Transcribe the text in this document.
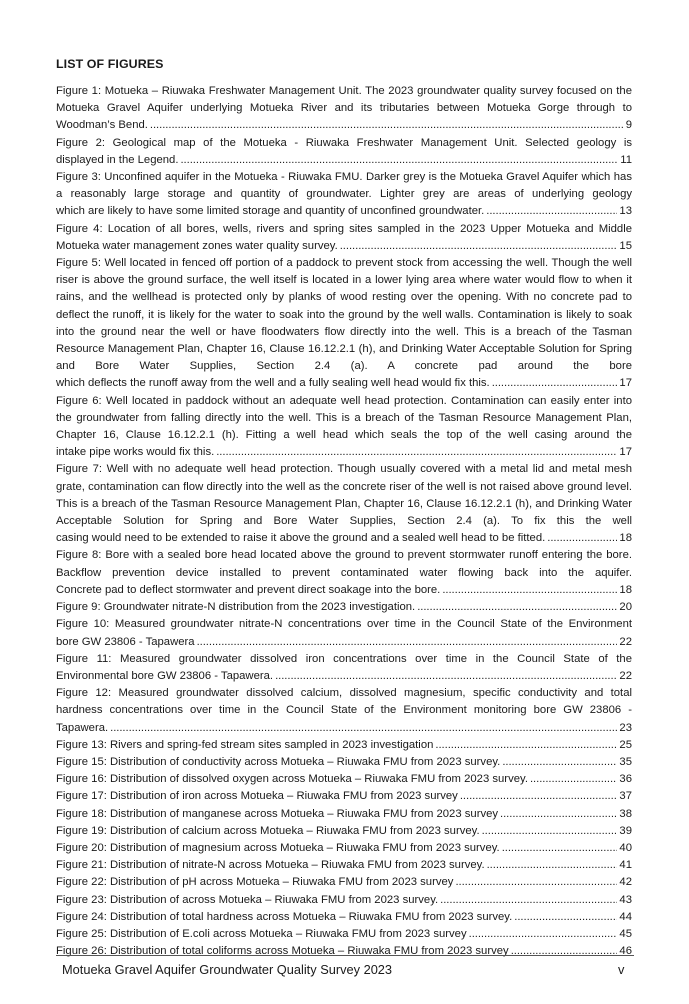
LIST OF FIGURES
Figure 1: Motueka – Riuwaka Freshwater Management Unit. The 2023 groundwater quality survey focused on the Motueka Gravel Aquifer underlying Motueka River and its tributaries between Motueka Gorge through to
Woodman’s Bend. . . .	9
Figure 2: Geological map of the Motueka - Riuwaka Freshwater Management Unit. Selected geology is
displayed in the Legend. . . .	11
Figure 3: Unconfined aquifer in the Motueka - Riuwaka FMU. Darker grey is the Motueka Gravel Aquifer which has a reasonably large storage and quantity of groundwater. Lighter grey are areas of underlying geology
which are likely to have some limited storage and quantity of unconfined groundwater. . . .	13
Figure 4: Location of all bores, wells, rivers and spring sites sampled in the 2023 Upper Motueka and Middle
Motueka water management zones water quality survey. . . .	15
Figure 5: Well located in fenced off portion of a paddock to prevent stock from accessing the well. Though the well riser is above the ground surface, the well itself is located in a lower lying area where water would flow to when it rains, and the wellhead is protected only by planks of wood resting over the opening. With no concrete pad to deflect the runoff, it is likely for the water to soak into the ground by the well walls. Contamination is likely to soak into the ground near the well or have floodwaters flow directly into the well. This is a breach of the Tasman Resource Management Plan, Chapter 16, Clause 16.12.2.1 (h), and Drinking Water Acceptable Solution for Spring and Bore Water Supplies, Section 2.4 (a). A concrete pad around the bore
which deflects the runoff away from the well and a fully sealing well head would fix this. . . .	17
Figure 6: Well located in paddock without an adequate well head protection. Contamination can easily enter into the groundwater from falling directly into the well. This is a breach of the Tasman Resource Management Plan, Chapter 16, Clause 16.12.2.1 (h). Fitting a well head which seals the top of the well casing around the
intake pipe works would fix this. . . .	17
Figure 7: Well with no adequate well head protection. Though usually covered with a metal lid and metal mesh grate, contamination can flow directly into the well as the concrete riser of the well is not raised above ground level. This is a breach of the Tasman Resource Management Plan, Chapter 16, Clause 16.12.2.1 (h), and Drinking Water Acceptable Solution for Spring and Bore Water Supplies, Section 2.4 (a). To fix this the well
casing would need to be extended to raise it above the ground and a sealed well head to be fitted. . . .	18
Figure 8: Bore with a sealed bore head located above the ground to prevent stormwater runoff entering the bore. Backflow prevention device installed to prevent contaminated water flowing back into the aquifer.
Concrete pad to deflect stormwater and prevent direct soakage into the bore. . . .	18
Figure 9: Groundwater nitrate-N distribution from the 2023 investigation. . . .	20
Figure 10: Measured groundwater nitrate-N concentrations over time in the Council State of the Environment
bore GW 23806 - Tapawera . . .	22
Figure 11: Measured groundwater dissolved iron concentrations over time in the Council State of the
Environmental bore GW 23806 - Tapawera. . . .	22
Figure 12: Measured groundwater dissolved calcium, dissolved magnesium, specific conductivity and total hardness concentrations over time in the Council State of the Environment monitoring bore GW 23806 -
Tapawera. . . .	23
Figure 13: Rivers and spring-fed stream sites sampled in 2023 investigation . . .	25
Figure 15: Distribution of conductivity across Motueka – Riuwaka FMU from 2023 survey. . . .	35
Figure 16: Distribution of dissolved oxygen across Motueka – Riuwaka FMU from 2023 survey. . . .	36
Figure 17: Distribution of iron across Motueka – Riuwaka FMU from 2023 survey . . .	37
Figure 18: Distribution of manganese across Motueka – Riuwaka FMU from 2023 survey . . .	38
Figure 19: Distribution of calcium across Motueka – Riuwaka FMU from 2023 survey. . . .	39
Figure 20: Distribution of magnesium across Motueka – Riuwaka FMU from 2023 survey. . . .	40
Figure 21: Distribution of nitrate-N across Motueka – Riuwaka FMU from 2023 survey. . . .	41
Figure 22: Distribution of pH across Motueka – Riuwaka FMU from 2023 survey . . .	42
Figure 23: Distribution of across Motueka – Riuwaka FMU from 2023 survey. . . .	43
Figure 24: Distribution of total hardness across Motueka – Riuwaka FMU from 2023 survey. . . .	44
Figure 25: Distribution of E.coli across Motueka – Riuwaka FMU from 2023 survey . . .	45
Figure 26: Distribution of total coliforms across Motueka – Riuwaka FMU from 2023 survey . . .	46
Motueka Gravel Aquifer Groundwater Quality Survey 2023	v
